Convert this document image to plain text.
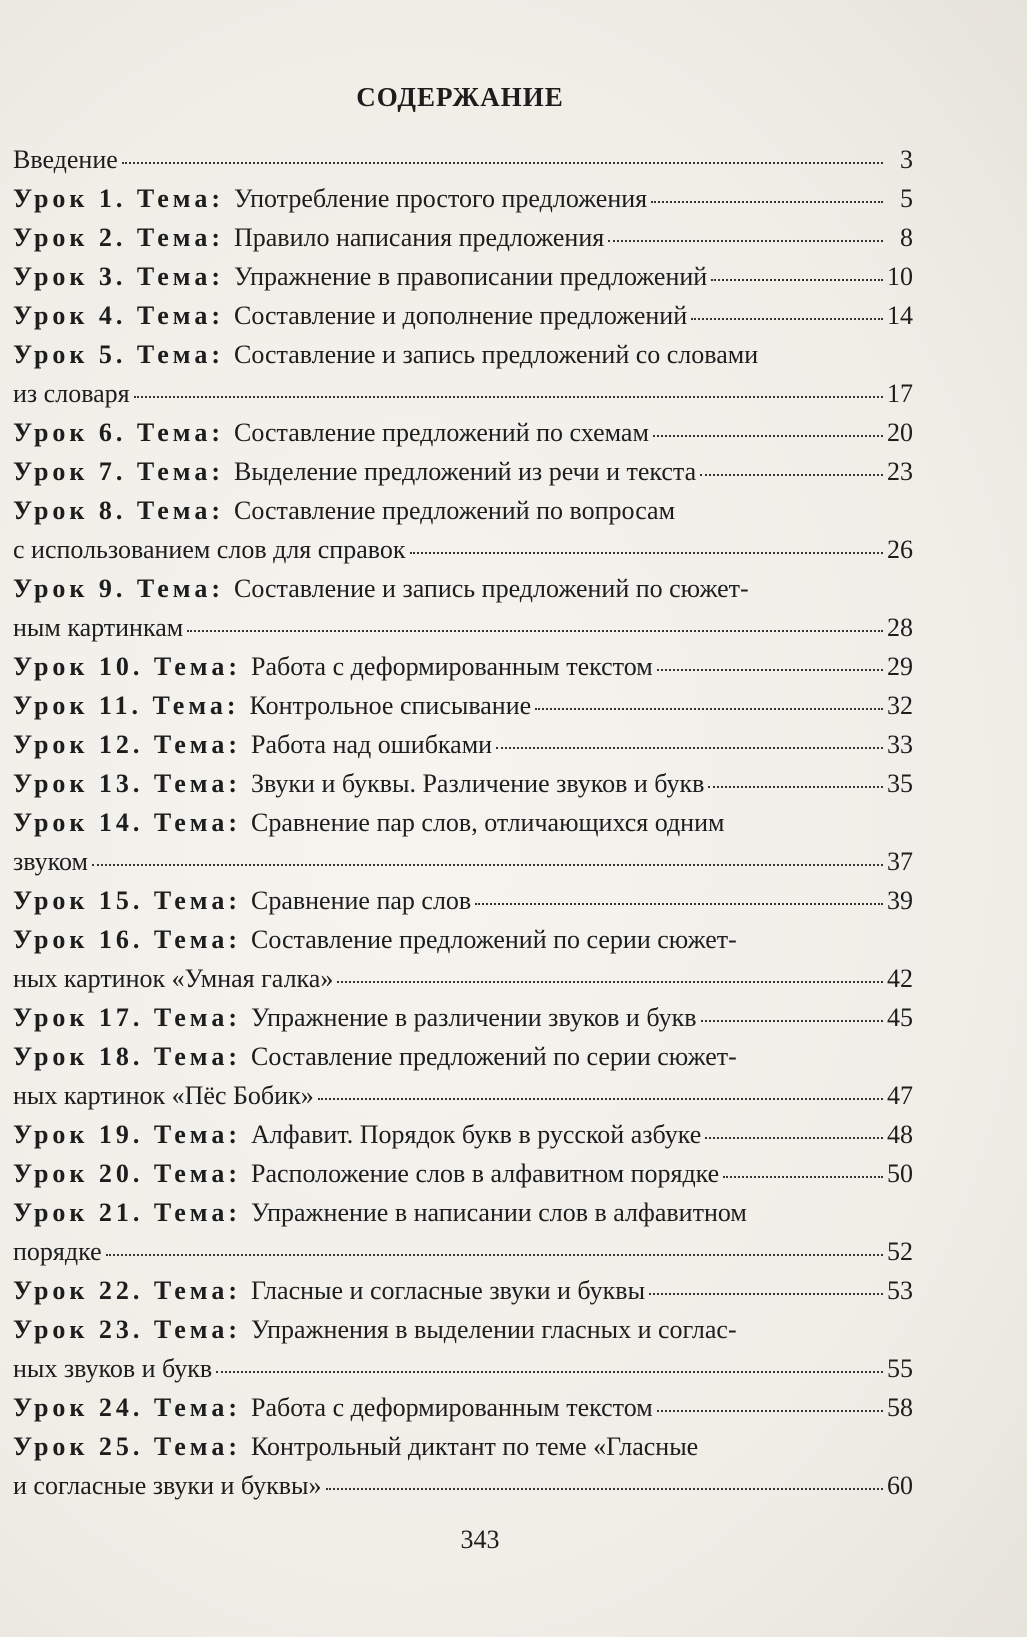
СОДЕРЖАНИЕ
Введение	3
Урок 1. Тема: Употребление простого предложения	5
Урок 2. Тема: Правило написания предложения	8
Урок 3. Тема: Упражнение в правописании предложений	10
Урок 4. Тема: Составление и дополнение предложений	14
Урок 5. Тема: Составление и запись предложений со словами
из словаря	17
Урок 6. Тема: Составление предложений по схемам	20
Урок 7. Тема: Выделение предложений из речи и текста	23
Урок 8. Тема: Составление предложений по вопросам
с использованием слов для справок	26
Урок 9. Тема: Составление и запись предложений по сюжет-
ным картинкам	28
Урок 10. Тема: Работа с деформированным текстом	29
Урок 11. Тема: Контрольное списывание	32
Урок 12. Тема: Работа над ошибками	33
Урок 13. Тема: Звуки и буквы. Различение звуков и букв	35
Урок 14. Тема: Сравнение пар слов, отличающихся одним
звуком	37
Урок 15. Тема: Сравнение пар слов	39
Урок 16. Тема: Составление предложений по серии сюжет-
ных картинок «Умная галка»	42
Урок 17. Тема: Упражнение в различении звуков и букв	45
Урок 18. Тема: Составление предложений по серии сюжет-
ных картинок «Пёс Бобик»	47
Урок 19. Тема: Алфавит. Порядок букв в русской азбуке	48
Урок 20. Тема: Расположение слов в алфавитном порядке	50
Урок 21. Тема: Упражнение в написании слов в алфавитном
порядке	52
Урок 22. Тема: Гласные и согласные звуки и буквы	53
Урок 23. Тема: Упражнения в выделении гласных и соглас-
ных звуков и букв	55
Урок 24. Тема: Работа с деформированным текстом	58
Урок 25. Тема: Контрольный диктант по теме «Гласные
и согласные звуки и буквы»	60
343
